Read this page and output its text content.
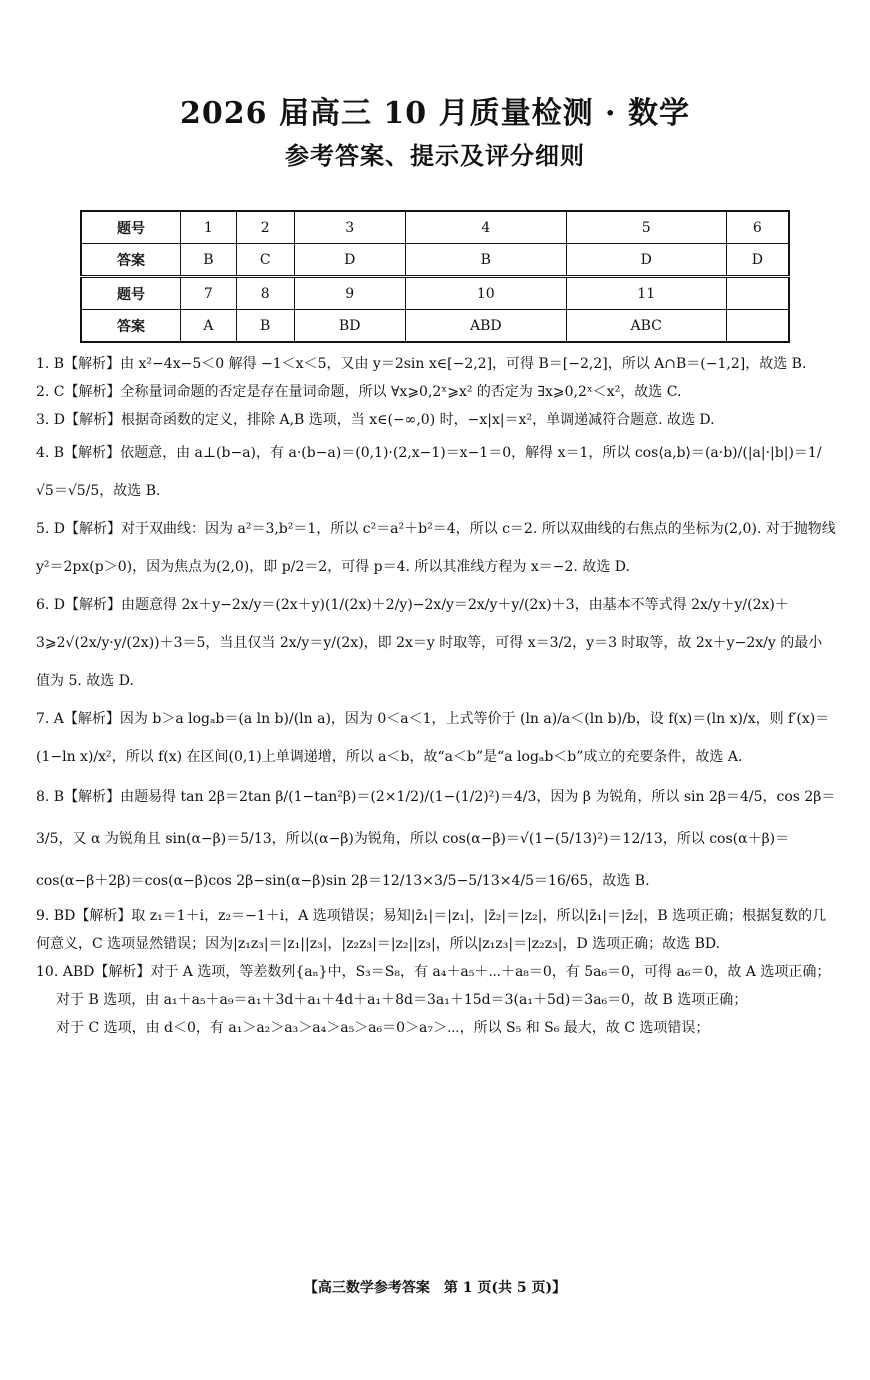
2026 届高三 10 月质量检测 · 数学
参考答案、提示及评分细则
题号	1	2	3	4	5	6
答案	B	C	D	B	D	D
题号	7	8	9	10	11	
答案	A	B	BD	ABD	ABC	

1. B【解析】由 x²−4x−5＜0 解得 −1＜x＜5，又由 y＝2sin x∈[−2,2]，可得 B＝[−2,2]，所以 A∩B＝(−1,2]，故选 B.

2. C【解析】全称量词命题的否定是存在量词命题，所以 ∀x⩾0,2ˣ⩾x² 的否定为 ∃x⩾0,2ˣ＜x²，故选 C.

3. D【解析】根据奇函数的定义，排除 A,B 选项，当 x∈(−∞,0) 时，−x|x|＝x²，单调递减符合题意. 故选 D.

4. B【解析】依题意，由 a⊥(b−a)，有 a·(b−a)＝(0,1)·(2,x−1)＝x−1＝0，解得 x＝1，所以 cos⟨a,b⟩＝(a·b)/(|a|·|b|)＝1/√5＝√5/5，故选 B.

5. D【解析】对于双曲线：因为 a²＝3,b²＝1，所以 c²＝a²＋b²＝4，所以 c＝2. 所以双曲线的右焦点的坐标为(2,0). 对于抛物线 y²＝2px(p＞0)，因为焦点为(2,0)，即 p/2＝2，可得 p＝4. 所以其准线方程为 x＝−2. 故选 D.

6. D【解析】由题意得 2x＋y−2x/y＝(2x＋y)(1/(2x)＋2/y)−2x/y＝2x/y＋y/(2x)＋3，由基本不等式得 2x/y＋y/(2x)＋3⩾2√(2x/y·y/(2x))＋3＝5，当且仅当 2x/y＝y/(2x)，即 2x＝y 时取等，可得 x＝3/2，y＝3 时取等，故 2x＋y−2x/y 的最小值为 5. 故选 D.

7. A【解析】因为 b＞a logₐb＝(a ln b)/(ln a)，因为 0＜a＜1，上式等价于 (ln a)/a＜(ln b)/b，设 f(x)＝(ln x)/x，则 f′(x)＝(1−ln x)/x²，所以 f(x) 在区间(0,1)上单调递增，所以 a＜b，故“a＜b”是“a logₐb＜b”成立的充要条件，故选 A.

8. B【解析】由题易得 tan 2β＝2tan β/(1−tan²β)＝(2×1/2)/(1−(1/2)²)＝4/3，因为 β 为锐角，所以 sin 2β＝4/5，cos 2β＝3/5，又 α 为锐角且 sin(α−β)＝5/13，所以(α−β)为锐角，所以 cos(α−β)＝√(1−(5/13)²)＝12/13，所以 cos(α＋β)＝cos(α−β＋2β)＝cos(α−β)cos 2β−sin(α−β)sin 2β＝12/13×3/5−5/13×4/5＝16/65，故选 B.

9. BD【解析】取 z₁＝1＋i，z₂＝−1＋i，A 选项错误；易知|z̄₁|＝|z₁|，|z̄₂|＝|z₂|，所以|z̄₁|＝|z̄₂|，B 选项正确；根据复数的几何意义，C 选项显然错误；因为|z₁z₃|＝|z₁||z₃|，|z₂z₃|＝|z₂||z₃|，所以|z₁z₃|＝|z₂z₃|，D 选项正确；故选 BD.

10. ABD【解析】对于 A 选项，等差数列{aₙ}中，S₃＝S₈，有 a₄＋a₅＋⋯＋a₈＝0，有 5a₆＝0，可得 a₆＝0，故 A 选项正确；

对于 B 选项，由 a₁＋a₅＋a₉＝a₁＋3d＋a₁＋4d＋a₁＋8d＝3a₁＋15d＝3(a₁＋5d)＝3a₆＝0，故 B 选项正确；

对于 C 选项，由 d＜0，有 a₁＞a₂＞a₃＞a₄＞a₅＞a₆＝0＞a₇＞⋯，所以 S₅ 和 S₆ 最大，故 C 选项错误；

【高三数学参考答案　第 1 页(共 5 页)】
